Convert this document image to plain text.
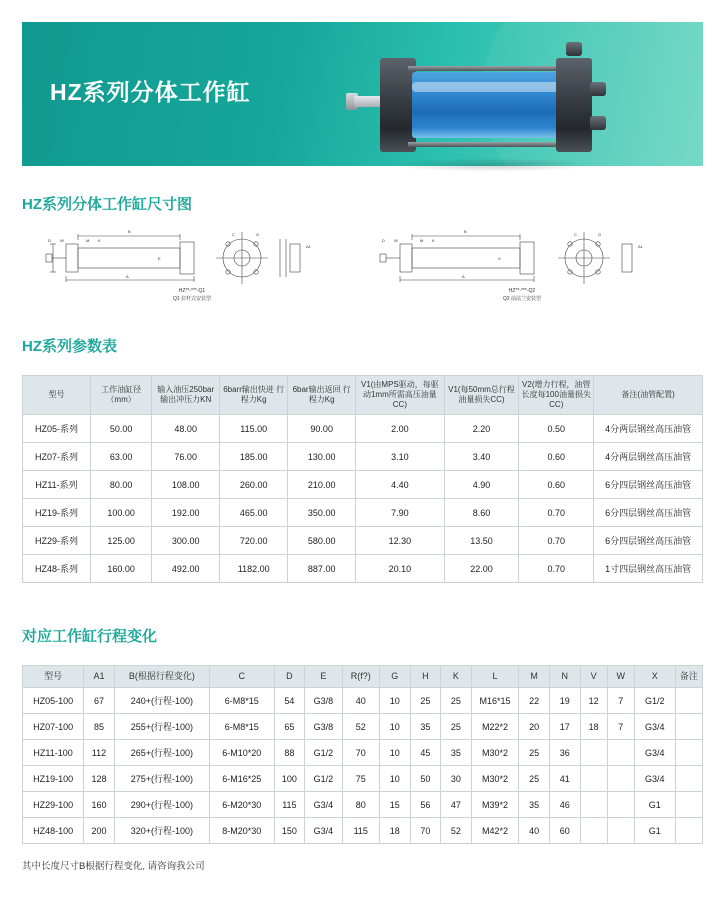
HZ系列分体工作缸
HZ系列分体工作缸尺寸图
B
A
M K
D W
C	G
A1
E
HZ**-***-Q1
Q1 拉杆式安装型
B
A
M K
D W
C	G
A1
X
HZ**-***-Q2
Q2 前法兰安装型
HZ系列参数表
型号	工作油缸径（mm）	输入油压250bar 输出冲压力KN	6barr输出快进 行程力Kg	6bar输出返回 行程力Kg	V1(由MPS驱动，每驱动1mm所需高压油量CC)	V1(每50mm总行程油量损失CC)	V2(增力行程，油管长度每100油量损失CC)	备注(油管配置)
HZ05-系列	50.00	48.00	115.00	90.00	2.00	2.20	0.50	4分两层钢丝高压油管
HZ07-系列	63.00	76.00	185.00	130.00	3.10	3.40	0.60	4分两层钢丝高压油管
HZ11-系列	80.00	108.00	260.00	210.00	4.40	4.90	0.60	6分四层钢丝高压油管
HZ19-系列	100.00	192.00	465.00	350.00	7.90	8.60	0.70	6分四层钢丝高压油管
HZ29-系列	125.00	300.00	720.00	580.00	12.30	13.50	0.70	6分四层钢丝高压油管
HZ48-系列	160.00	492.00	1182.00	887.00	20.10	22.00	0.70	1寸四层钢丝高压油管
对应工作缸行程变化
型号	A1	B(根据行程变化)	C	D	E	R(f?)	G	H	K	L	M	N	V	W	X	备注
HZ05-100	67	240+(行程-100)	6-M8*15	54	G3/8	40	10	25	25	M16*15	22	19	12	7	G1/2	
HZ07-100	85	255+(行程-100)	6-M8*15	65	G3/8	52	10	35	25	M22*2	20	17	18	7	G3/4	
HZ11-100	112	265+(行程-100)	6-M10*20	88	G1/2	70	10	45	35	M30*2	25	36			G3/4	
HZ19-100	128	275+(行程-100)	6-M16*25	100	G1/2	75	10	50	30	M30*2	25	41			G3/4	
HZ29-100	160	290+(行程-100)	6-M20*30	115	G3/4	80	15	56	47	M39*2	35	46			G1	
HZ48-100	200	320+(行程-100)	8-M20*30	150	G3/4	115	18	70	52	M42*2	40	60			G1	
其中长度尺寸B根据行程变化, 请咨询我公司
